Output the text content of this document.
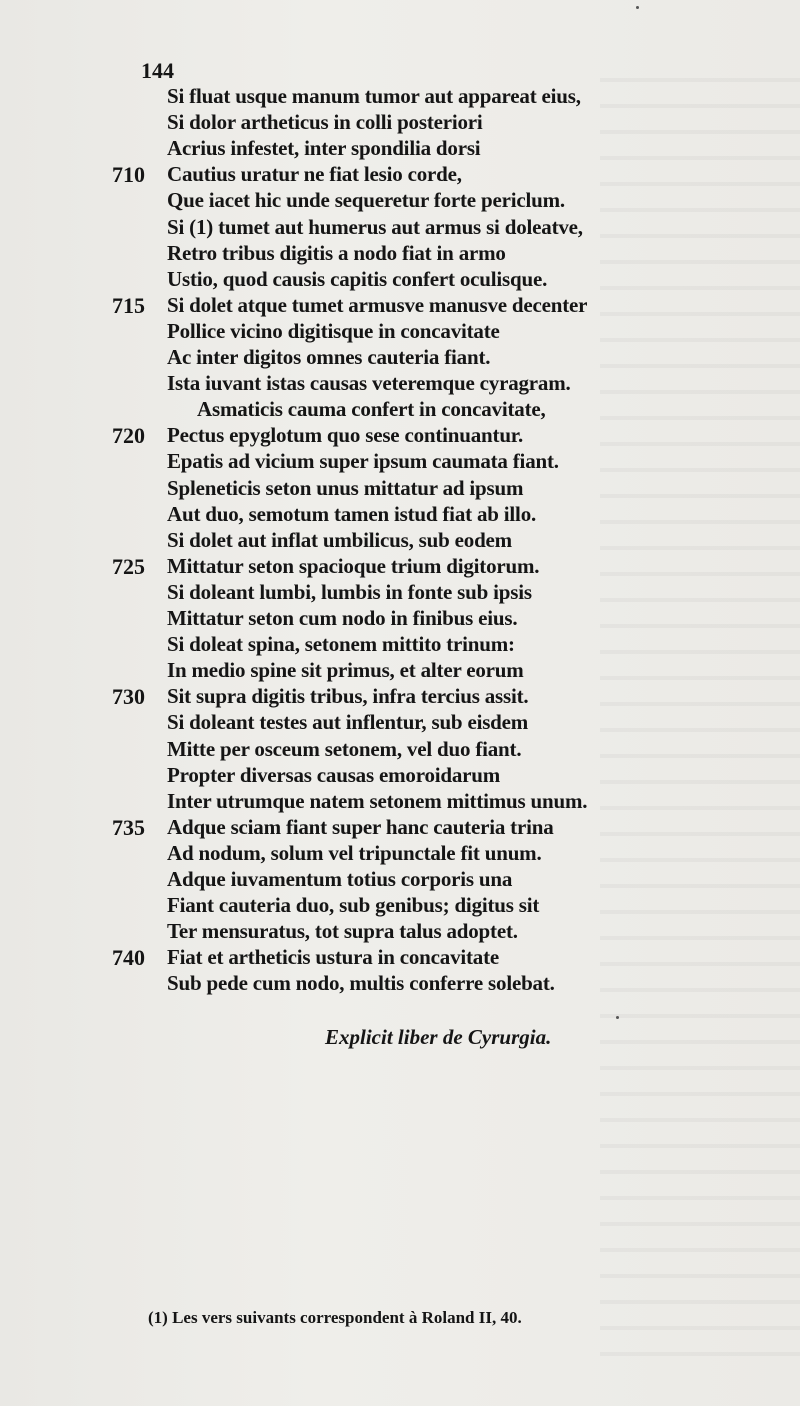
144
Si fluat usque manum tumor aut appareat eius,
Si dolor artheticus in colli posteriori
Acrius infestet, inter spondilia dorsi
710	Cautius uratur ne fiat lesio corde,
Que iacet hic unde sequeretur forte periclum.
Si (1) tumet aut humerus aut armus si doleatve,
Retro tribus digitis a nodo fiat in armo
Ustio, quod causis capitis confert oculisque.
715	Si dolet atque tumet armusve manusve decenter
Pollice vicino digitisque in concavitate
Ac inter digitos omnes cauteria fiant.
Ista iuvant istas causas veteremque cyragram.
Asmaticis cauma confert in concavitate,
720	Pectus epyglotum quo sese continuantur.
Epatis ad vicium super ipsum caumata fiant.
Spleneticis seton unus mittatur ad ipsum
Aut duo, semotum tamen istud fiat ab illo.
Si dolet aut inflat umbilicus, sub eodem
725	Mittatur seton spacioque trium digitorum.
Si doleant lumbi, lumbis in fonte sub ipsis
Mittatur seton cum nodo in finibus eius.
Si doleat spina, setonem mittito trinum:
In medio spine sit primus, et alter eorum
730	Sit supra digitis tribus, infra tercius assit.
Si doleant testes aut inflentur, sub eisdem
Mitte per osceum setonem, vel duo fiant.
Propter diversas causas emoroidarum
Inter utrumque natem setonem mittimus unum.
735	Adque sciam fiant super hanc cauteria trina
Ad nodum, solum vel tripunctale fit unum.
Adque iuvamentum totius corporis una
Fiant cauteria duo, sub genibus; digitus sit
Ter mensuratus, tot supra talus adoptet.
740	Fiat et artheticis ustura in concavitate
Sub pede cum nodo, multis conferre solebat.
Explicit liber de Cyrurgia.
(1) Les vers suivants correspondent à Roland II, 40.
